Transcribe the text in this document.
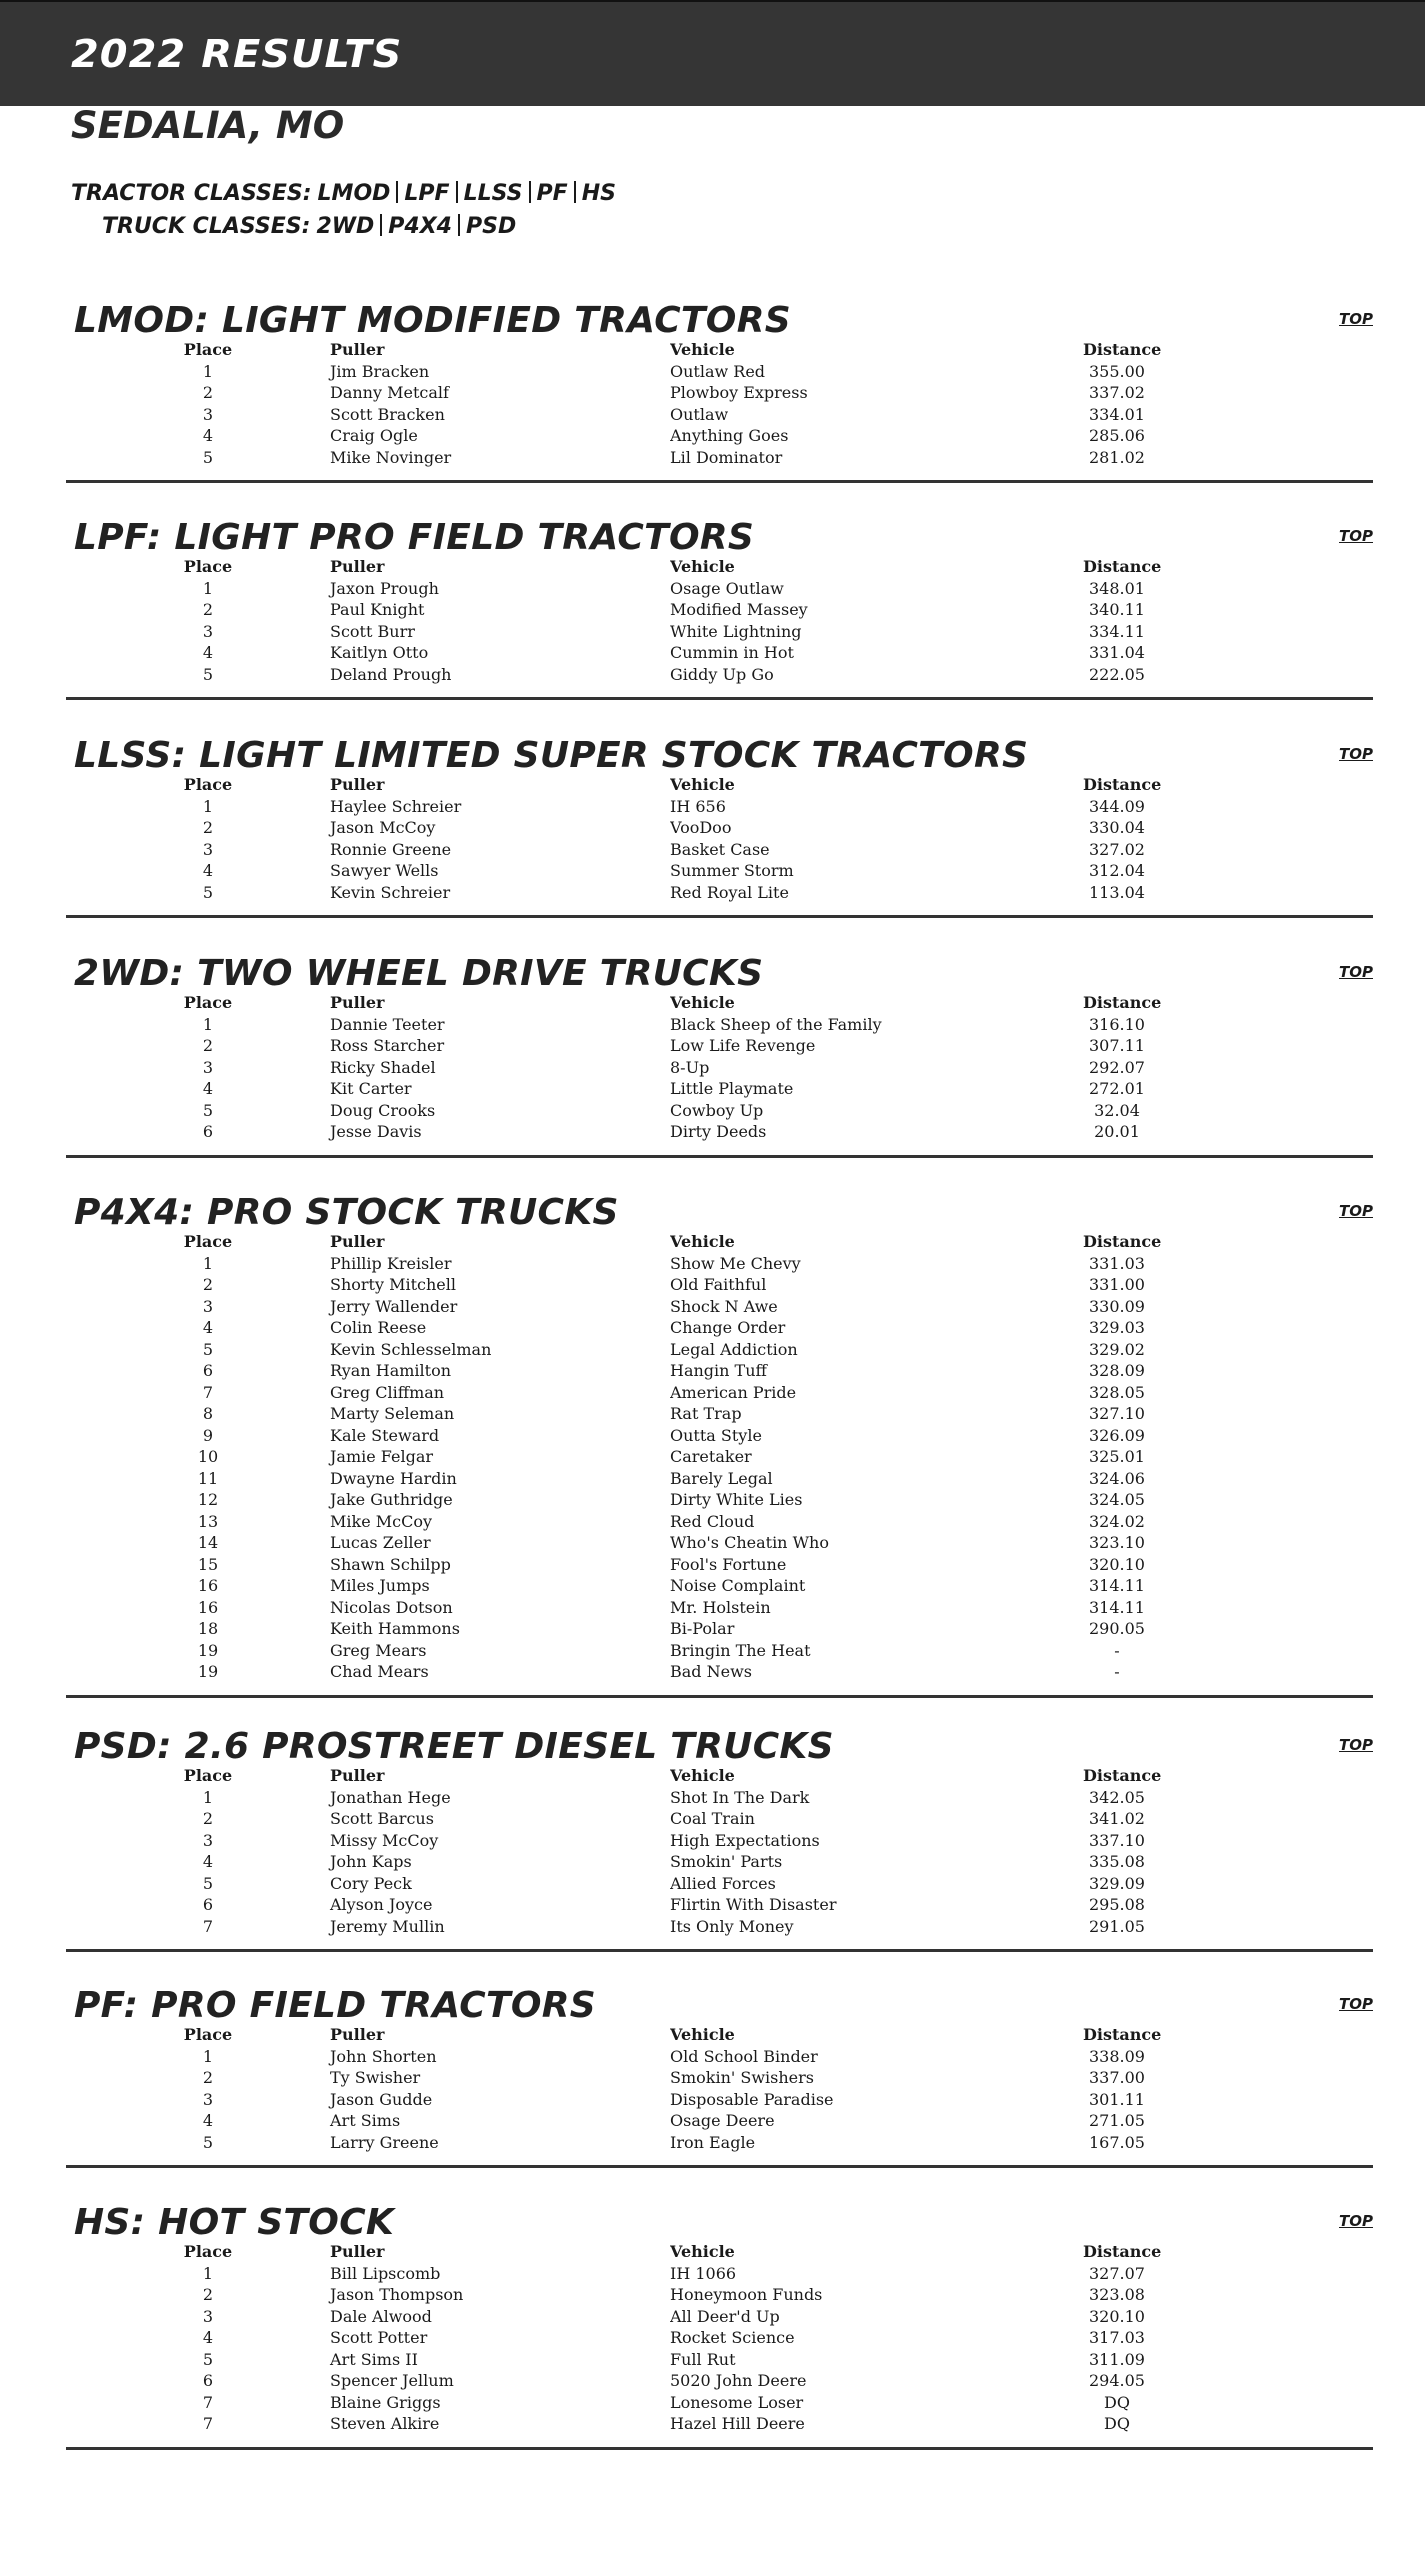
2022 RESULTS
SEDALIA, MO
TRACTOR CLASSES: LMOD LPF LLSS PF HS
TRUCK CLASSES: 2WD P4X4 PSD
LMOD: LIGHT MODIFIED TRACTORS	TOP
Place	Puller	Vehicle	Distance
1	Jim Bracken	Outlaw Red	355.00
2	Danny Metcalf	Plowboy Express	337.02
3	Scott Bracken	Outlaw	334.01
4	Craig Ogle	Anything Goes	285.06
5	Mike Novinger	Lil Dominator	281.02
LPF: LIGHT PRO FIELD TRACTORS	TOP
Place	Puller	Vehicle	Distance
1	Jaxon Prough	Osage Outlaw	348.01
2	Paul Knight	Modified Massey	340.11
3	Scott Burr	White Lightning	334.11
4	Kaitlyn Otto	Cummin in Hot	331.04
5	Deland Prough	Giddy Up Go	222.05
LLSS: LIGHT LIMITED SUPER STOCK TRACTORS	TOP
Place	Puller	Vehicle	Distance
1	Haylee Schreier	IH 656	344.09
2	Jason McCoy	VooDoo	330.04
3	Ronnie Greene	Basket Case	327.02
4	Sawyer Wells	Summer Storm	312.04
5	Kevin Schreier	Red Royal Lite	113.04
2WD: TWO WHEEL DRIVE TRUCKS	TOP
Place	Puller	Vehicle	Distance
1	Dannie Teeter	Black Sheep of the Family	316.10
2	Ross Starcher	Low Life Revenge	307.11
3	Ricky Shadel	8-Up	292.07
4	Kit Carter	Little Playmate	272.01
5	Doug Crooks	Cowboy Up	32.04
6	Jesse Davis	Dirty Deeds	20.01
P4X4: PRO STOCK TRUCKS	TOP
Place	Puller	Vehicle	Distance
1	Phillip Kreisler	Show Me Chevy	331.03
2	Shorty Mitchell	Old Faithful	331.00
3	Jerry Wallender	Shock N Awe	330.09
4	Colin Reese	Change Order	329.03
5	Kevin Schlesselman	Legal Addiction	329.02
6	Ryan Hamilton	Hangin Tuff	328.09
7	Greg Cliffman	American Pride	328.05
8	Marty Seleman	Rat Trap	327.10
9	Kale Steward	Outta Style	326.09
10	Jamie Felgar	Caretaker	325.01
11	Dwayne Hardin	Barely Legal	324.06
12	Jake Guthridge	Dirty White Lies	324.05
13	Mike McCoy	Red Cloud	324.02
14	Lucas Zeller	Who's Cheatin Who	323.10
15	Shawn Schilpp	Fool's Fortune	320.10
16	Miles Jumps	Noise Complaint	314.11
16	Nicolas Dotson	Mr. Holstein	314.11
18	Keith Hammons	Bi-Polar	290.05
19	Greg Mears	Bringin The Heat	-
19	Chad Mears	Bad News	-
PSD: 2.6 PROSTREET DIESEL TRUCKS	TOP
Place	Puller	Vehicle	Distance
1	Jonathan Hege	Shot In The Dark	342.05
2	Scott Barcus	Coal Train	341.02
3	Missy McCoy	High Expectations	337.10
4	John Kaps	Smokin' Parts	335.08
5	Cory Peck	Allied Forces	329.09
6	Alyson Joyce	Flirtin With Disaster	295.08
7	Jeremy Mullin	Its Only Money	291.05
PF: PRO FIELD TRACTORS	TOP
Place	Puller	Vehicle	Distance
1	John Shorten	Old School Binder	338.09
2	Ty Swisher	Smokin' Swishers	337.00
3	Jason Gudde	Disposable Paradise	301.11
4	Art Sims	Osage Deere	271.05
5	Larry Greene	Iron Eagle	167.05
HS: HOT STOCK	TOP
Place	Puller	Vehicle	Distance
1	Bill Lipscomb	IH 1066	327.07
2	Jason Thompson	Honeymoon Funds	323.08
3	Dale Alwood	All Deer'd Up	320.10
4	Scott Potter	Rocket Science	317.03
5	Art Sims II	Full Rut	311.09
6	Spencer Jellum	5020 John Deere	294.05
7	Blaine Griggs	Lonesome Loser	DQ
7	Steven Alkire	Hazel Hill Deere	DQ
